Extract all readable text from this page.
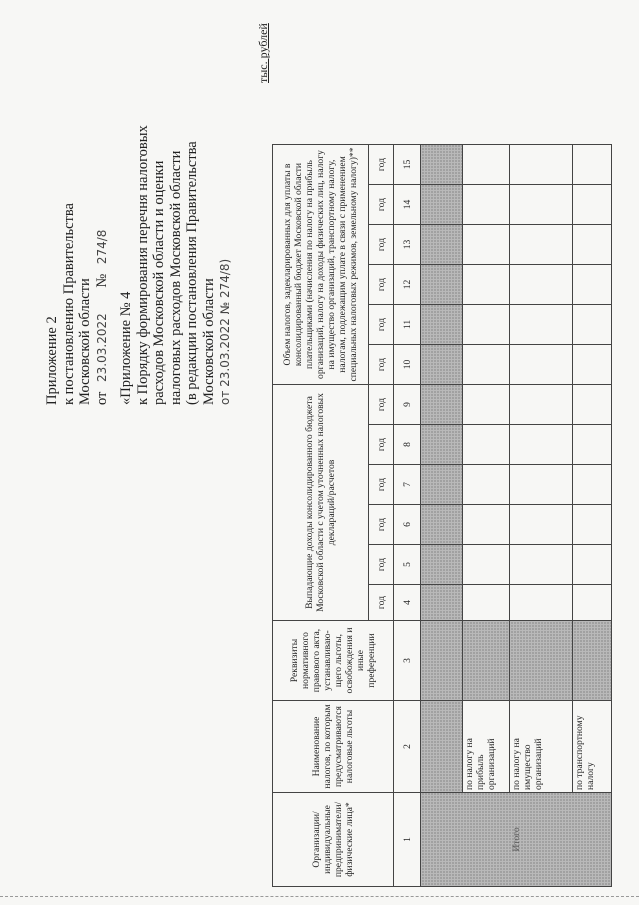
Приложение 2 к постановлению Правительства Московской области от 23.03.2022 № 274/8
«Приложение № 4 к Порядку формирования перечня налоговых расходов Московской области и оценки налоговых расходов Московской области (в редакции постановления Правительства Московской области от 23.03.2022 № 274/8)
тыс. рублей
Организации/ индивидуальные предприниматели/ физические лица*	Наименование налогов, по которым предусматриваются налоговые льготы	Реквизиты нормативного правового акта, устанавливаю-щего льготы, освобождения и иные преференции	Выпадающие доходы консолидированного бюджета Московской области с учетом уточненных налоговых деклараций/расчетов						Объем налогов, задекларированных для уплаты в консолидированный бюджет Московской области плательщиками (начисления по налогу на прибыль организаций, налогу на доходы физических лиц, налогу на имущество организаций, транспортному налогу, налогам, подлежащим уплате в связи с применением специальных налоговых режимов, земельному налогу)**					
			год	год	год	год	год	год	год	год	год	год	год	год
1	2	3	4	5	6	7	8	9	10	11	12	13	14	15
Итого														
	по налогу на прибыль организаций													
	по налогу на имущество организаций													
	по транспортному налогу													
